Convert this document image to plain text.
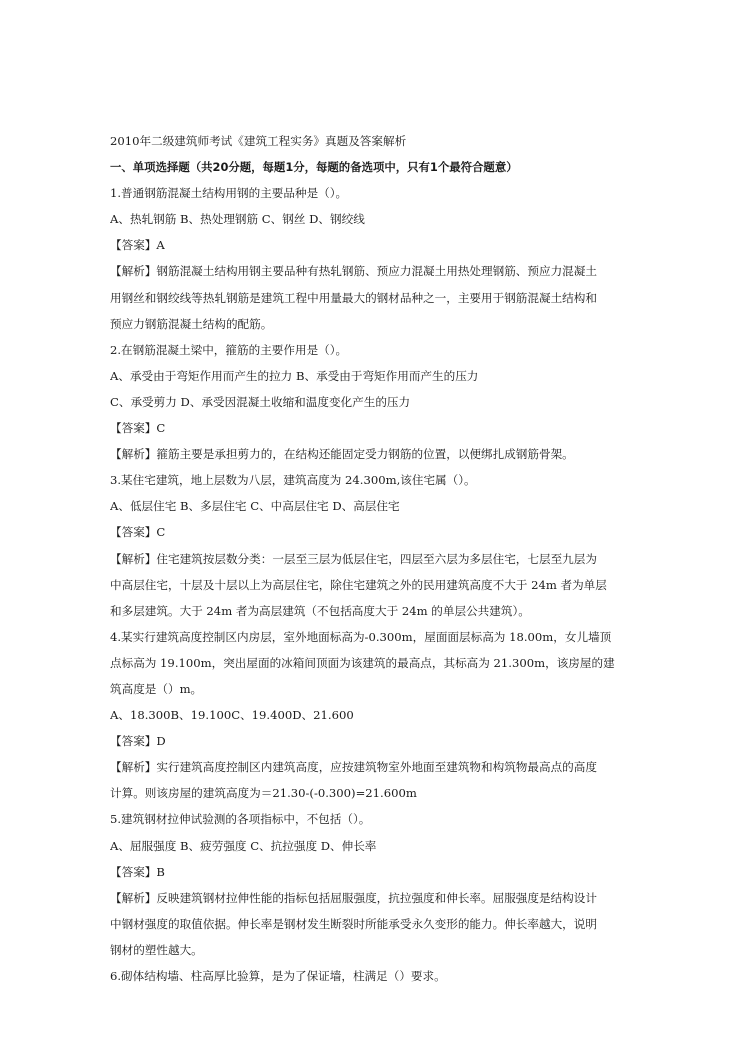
2010年二级建筑师考试《建筑工程实务》真题及答案解析
一、单项选择题（共20分题，每题1分，每题的备选项中，只有1个最符合题意）
1.普通钢筋混凝土结构用钢的主要品种是（）。
A、热轧钢筋 B、热处理钢筋 C、钢丝 D、钢绞线
【答案】A
【解析】钢筋混凝土结构用钢主要品种有热轧钢筋、预应力混凝土用热处理钢筋、预应力混凝土
用钢丝和钢绞线等热轧钢筋是建筑工程中用量最大的钢材品种之一，主要用于钢筋混凝土结构和
预应力钢筋混凝土结构的配筋。
2.在钢筋混凝土梁中，箍筋的主要作用是（）。
A、承受由于弯矩作用而产生的拉力 B、承受由于弯矩作用而产生的压力
C、承受剪力 D、承受因混凝土收缩和温度变化产生的压力
【答案】C
【解析】箍筋主要是承担剪力的，在结构还能固定受力钢筋的位置，以便绑扎成钢筋骨架。
3.某住宅建筑，地上层数为八层，建筑高度为 24.300m,该住宅属（）。
A、低层住宅 B、多层住宅 C、中高层住宅 D、高层住宅
【答案】C
【解析】住宅建筑按层数分类：一层至三层为低层住宅，四层至六层为多层住宅，七层至九层为
中高层住宅，十层及十层以上为高层住宅，除住宅建筑之外的民用建筑高度不大于 24m 者为单层
和多层建筑。大于 24m 者为高层建筑（不包括高度大于 24m 的单层公共建筑）。
4.某实行建筑高度控制区内房层，室外地面标高为-0.300m，屋面面层标高为 18.00m，女儿墙顶
点标高为 19.100m，突出屋面的冰箱间顶面为该建筑的最高点，其标高为 21.300m，该房屋的建
筑高度是（）m。
A、18.300B、19.100C、19.400D、21.600
【答案】D
【解析】实行建筑高度控制区内建筑高度，应按建筑物室外地面至建筑物和构筑物最高点的高度
计算。则该房屋的建筑高度为＝21.30-(-0.300)=21.600m
5.建筑钢材拉伸试验测的各项指标中，不包括（）。
A、屈服强度 B、疲劳强度 C、抗拉强度 D、伸长率
【答案】B
【解析】反映建筑钢材拉伸性能的指标包括屈服强度，抗拉强度和伸长率。屈服强度是结构设计
中钢材强度的取值依据。伸长率是钢材发生断裂时所能承受永久变形的能力。伸长率越大，说明
钢材的塑性越大。
6.砌体结构墙、柱高厚比验算，是为了保证墙，柱满足（）要求。
